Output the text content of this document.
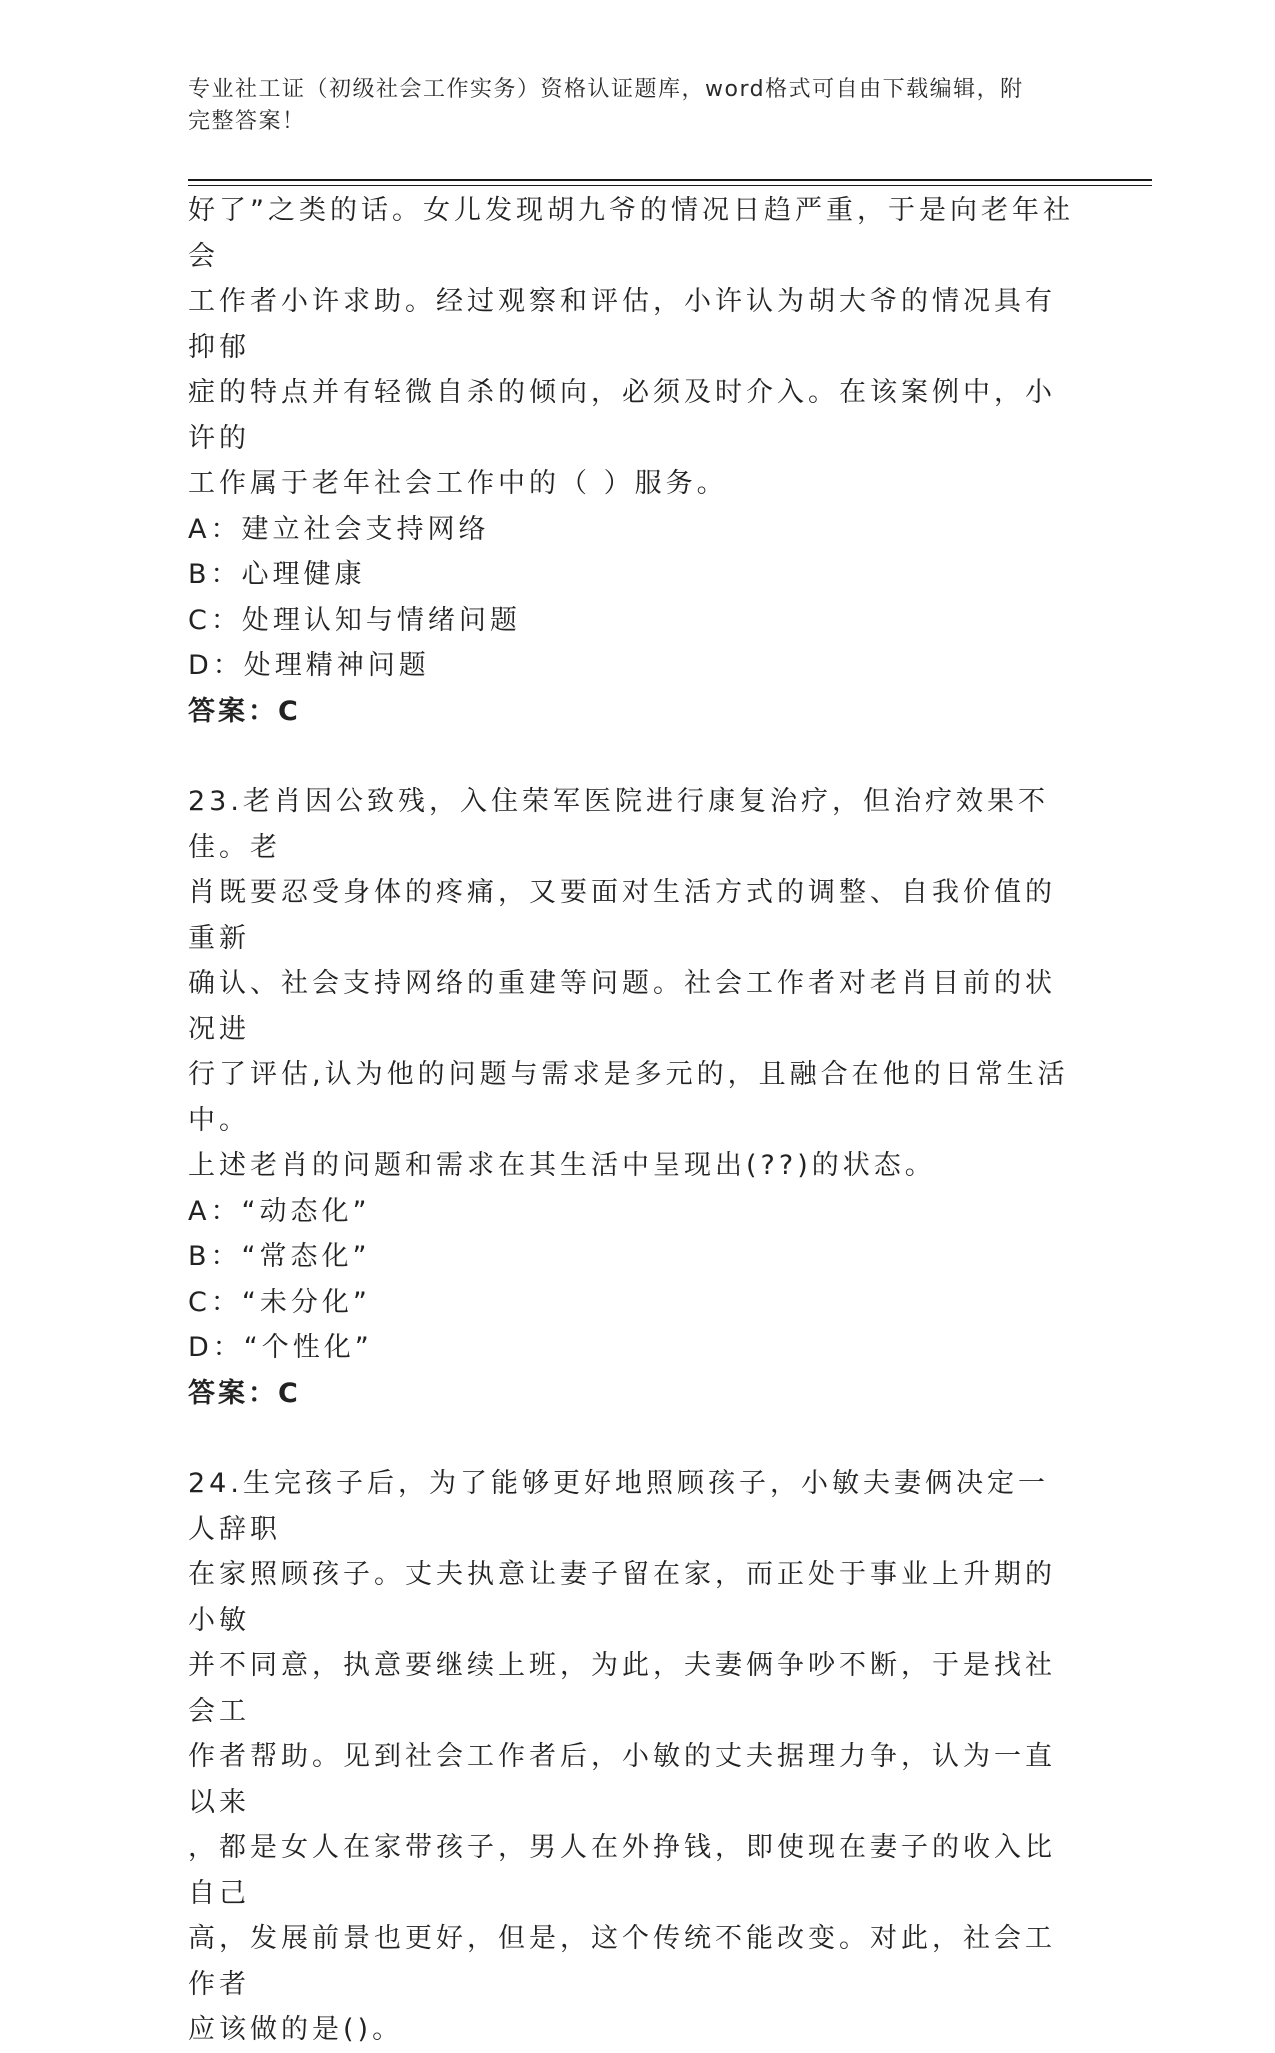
专业社工证（初级社会工作实务）资格认证题库，word格式可自由下载编辑，附
完整答案！
好了”之类的话。女儿发现胡九爷的情况日趋严重，于是向老年社会
工作者小许求助。经过观察和评估，小许认为胡大爷的情况具有抑郁
症的特点并有轻微自杀的倾向，必须及时介入。在该案例中，小许的
工作属于老年社会工作中的（ ）服务。
A：建立社会支持网络
B：心理健康
C：处理认知与情绪问题
D：处理精神问题
答案：C
23.老肖因公致残，入住荣军医院进行康复治疗，但治疗效果不佳。老
肖既要忍受身体的疼痛，又要面对生活方式的调整、自我价值的重新
确认、社会支持网络的重建等问题。社会工作者对老肖目前的状况进
行了评估,认为他的问题与需求是多元的，且融合在他的日常生活中。
上述老肖的问题和需求在其生活中呈现出(??)的状态。
A：“动态化”
B：“常态化”
C：“未分化”
D：“个性化”
答案：C
24.生完孩子后，为了能够更好地照顾孩子，小敏夫妻俩决定一人辞职
在家照顾孩子。丈夫执意让妻子留在家，而正处于事业上升期的小敏
并不同意，执意要继续上班，为此，夫妻俩争吵不断，于是找社会工
作者帮助。见到社会工作者后，小敏的丈夫据理力争，认为一直以来
，都是女人在家带孩子，男人在外挣钱，即使现在妻子的收入比自己
高，发展前景也更好，但是，这个传统不能改变。对此，社会工作者
应该做的是()。
